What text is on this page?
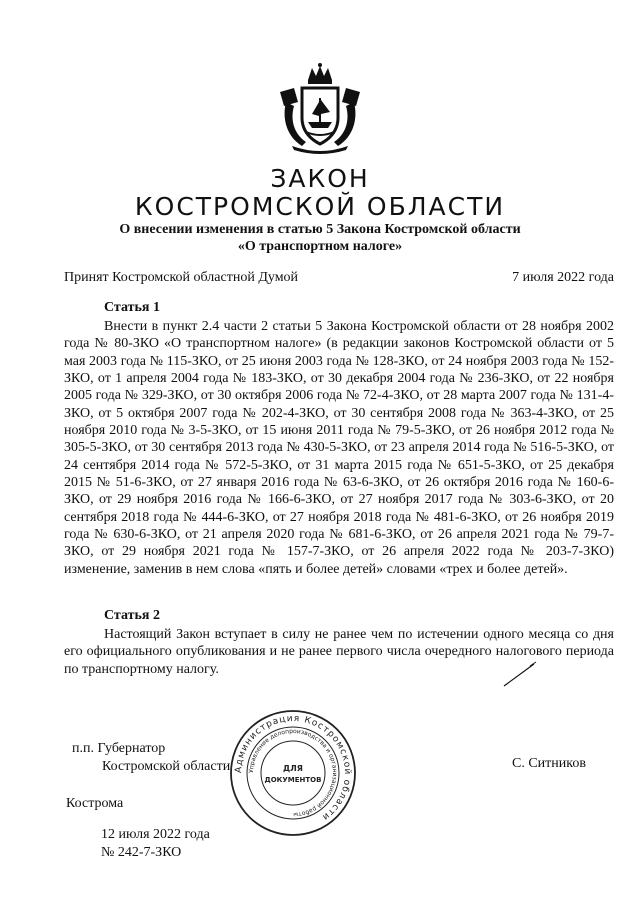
ЗАКОН
КОСТРОМСКОЙ ОБЛАСТИ
О внесении изменения в статью 5 Закона Костромской области
«О транспортном налоге»
Принят Костромской областной Думой	7 июля 2022 года
Статья 1
Внести в пункт 2.4 части 2 статьи 5 Закона Костромской области от 28 ноября 2002 года № 80-ЗКО «О транспортном налоге» (в редакции законов Костромской области от 5 мая 2003 года № 115-ЗКО, от 25 июня 2003 года № 128-ЗКО, от 24 ноября 2003 года № 152-ЗКО, от 1 апреля 2004 года № 183-ЗКО, от 30 декабря 2004 года № 236-ЗКО, от 22 ноября 2005 года № 329-ЗКО, от 30 октября 2006 года № 72-4-ЗКО, от 28 марта 2007 года № 131-4-ЗКО, от 5 октября 2007 года № 202-4-ЗКО, от 30 сентября 2008 года № 363-4-ЗКО, от 25 ноября 2010 года № 3-5-ЗКО, от 15 июня 2011 года № 79-5-ЗКО, от 26 ноября 2012 года № 305-5-ЗКО, от 30 сентября 2013 года № 430-5-ЗКО, от 23 апреля 2014 года № 516-5-ЗКО, от 24 сентября 2014 года № 572-5-ЗКО, от 31 марта 2015 года № 651-5-ЗКО, от 25 декабря 2015 № 51-6-ЗКО, от 27 января 2016 года № 63-6-ЗКО, от 26 октября 2016 года № 160-6-ЗКО, от 29 ноября 2016 года № 166-6-ЗКО, от 27 ноября 2017 года № 303-6-ЗКО, от 20 сентября 2018 года № 444-6-ЗКО, от 27 ноября 2018 года № 481-6-ЗКО, от 26 ноября 2019 года № 630-6-ЗКО, от 21 апреля 2020 года № 681-6-ЗКО, от 26 апреля 2021 года № 79-7-ЗКО, от 29 ноября 2021 года № 157-7-ЗКО, от 26 апреля 2022 года № 203-7-ЗКО) изменение, заменив в нем слова «пять и более детей» словами «трех и более детей».
Статья 2
Настоящий Закон вступает в силу не ранее чем по истечении одного месяца со дня его официального опубликования и не ранее первого числа очередного налогового периода по транспортному налогу.
п.п. Губернатор
Костромской области	С. Ситников
Администрация Костромской области
Управление делопроизводства и организационной работы
ДЛЯ
ДОКУМЕНТОВ
Кострома
12 июля 2022 года
№ 242-7-ЗКО
